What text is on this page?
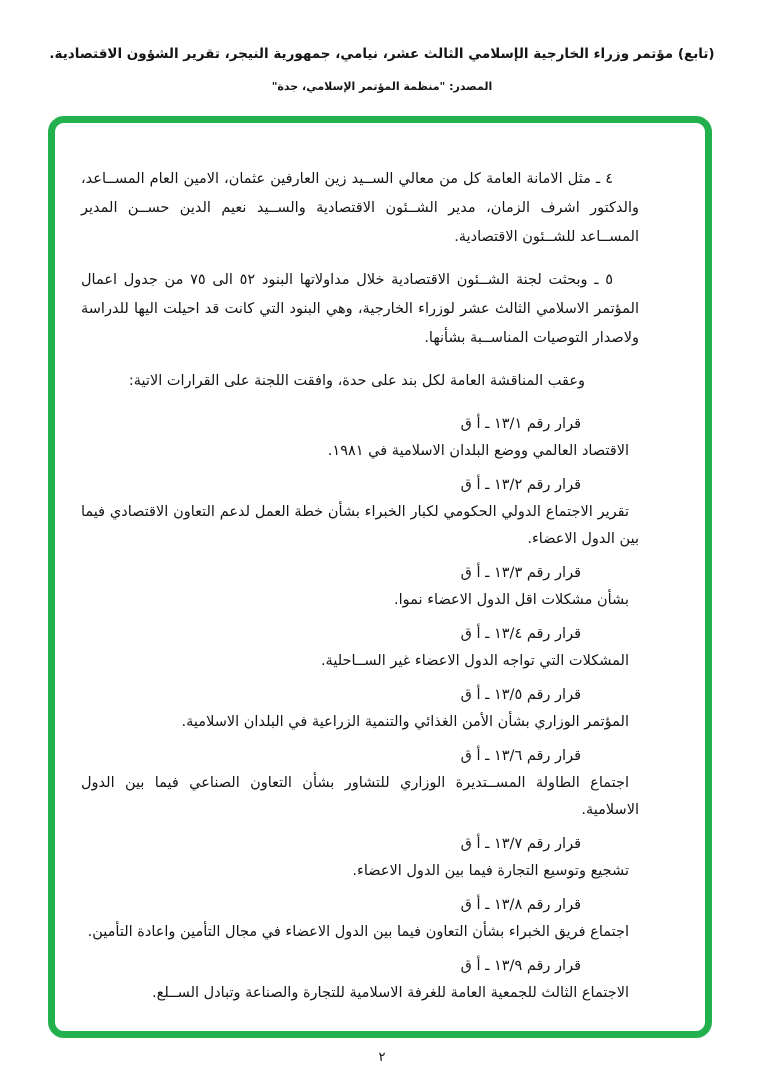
(تابع) مؤتمر وزراء الخارجية الإسلامي الثالث عشر، نيامي، جمهورية النيجر، تقرير الشؤون الاقتصادية.
المصدر: "منظمة المؤتمر الإسلامي، جدة"

٤ ـ مثل الامانة العامة كل من معالي الســيد زين العارفين عثمان، الامين العام المســاعد، والدكتور اشرف الزمان، مدير الشــئون الاقتصادية والســيد نعيم الدين حســن المدير المســاعد للشــئون الاقتصادية.

٥ ـ وبحثت لجنة الشــئون الاقتصادية خلال مداولاتها البنود ٥٢ الى ٧٥ من جدول اعمال المؤتمر الاسلامي الثالث عشر لوزراء الخارجية، وهي البنود التي كانت قد احيلت اليها للدراسة ولاصدار التوصيات المناســبة بشأنها.

وعقب المناقشة العامة لكل بند على حدة، وافقت اللجنة على القرارات الاتية:

قرار رقم ١٣/١ ـ أ ق
الاقتصاد العالمي ووضع البلدان الاسلامية في ١٩٨١.
قرار رقم ١٣/٢ ـ أ ق
تقرير الاجتماع الدولي الحكومي لكبار الخبراء بشأن خطة العمل لدعم التعاون الاقتصادي فيما بين الدول الاعضاء.
قرار رقم ١٣/٣ ـ أ ق
بشأن مشكلات اقل الدول الاعضاء نموا.
قرار رقم ١٣/٤ ـ أ ق
المشكلات التي تواجه الدول الاعضاء غير الســاحلية.
قرار رقم ١٣/٥ ـ أ ق
المؤتمر الوزاري بشأن الأمن الغذائي والتنمية الزراعية في البلدان الاسلامية.
قرار رقم ١٣/٦ ـ أ ق
اجتماع الطاولة المســتديرة الوزاري للتشاور بشأن التعاون الصناعي فيما بين الدول الاسلامية.
قرار رقم ١٣/٧ ـ أ ق
تشجيع وتوسيع التجارة فيما بين الدول الاعضاء.
قرار رقم ١٣/٨ ـ أ ق
اجتماع فريق الخبراء بشأن التعاون فيما بين الدول الاعضاء في مجال التأمين واعادة التأمين.
قرار رقم ١٣/٩ ـ أ ق
الاجتماع الثالث للجمعية العامة للغرفة الاسلامية للتجارة والصناعة وتبادل الســلع.
٢
